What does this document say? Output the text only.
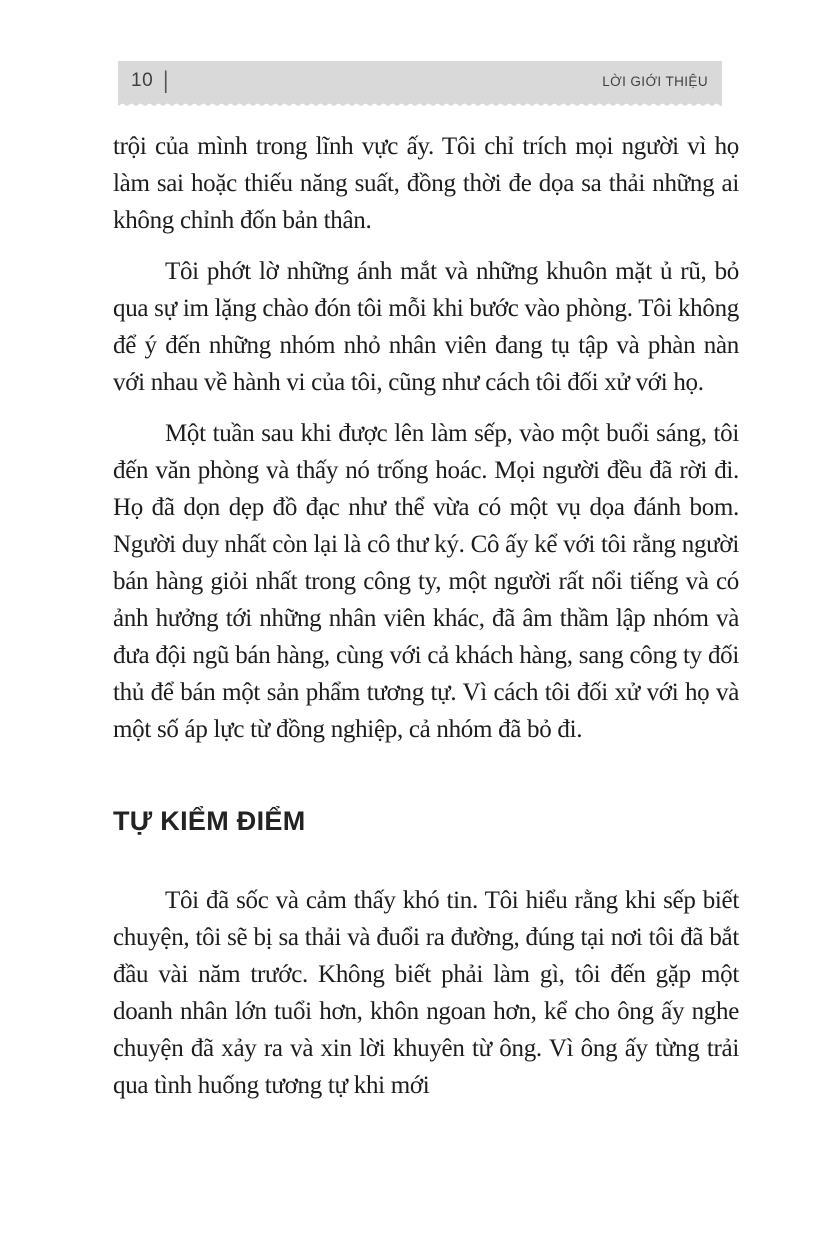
10 |	LỜI GIỚI THIỆU

trội của mình trong lĩnh vực ấy. Tôi chỉ trích mọi người vì họ làm sai hoặc thiếu năng suất, đồng thời đe dọa sa thải những ai không chỉnh đốn bản thân.

Tôi phớt lờ những ánh mắt và những khuôn mặt ủ rũ, bỏ qua sự im lặng chào đón tôi mỗi khi bước vào phòng. Tôi không để ý đến những nhóm nhỏ nhân viên đang tụ tập và phàn nàn với nhau về hành vi của tôi, cũng như cách tôi đối xử với họ.

Một tuần sau khi được lên làm sếp, vào một buổi sáng, tôi đến văn phòng và thấy nó trống hoác. Mọi người đều đã rời đi. Họ đã dọn dẹp đồ đạc như thể vừa có một vụ dọa đánh bom. Người duy nhất còn lại là cô thư ký. Cô ấy kể với tôi rằng người bán hàng giỏi nhất trong công ty, một người rất nổi tiếng và có ảnh hưởng tới những nhân viên khác, đã âm thầm lập nhóm và đưa đội ngũ bán hàng, cùng với cả khách hàng, sang công ty đối thủ để bán một sản phẩm tương tự. Vì cách tôi đối xử với họ và một số áp lực từ đồng nghiệp, cả nhóm đã bỏ đi.

TỰ KIỂM ĐIỂM

Tôi đã sốc và cảm thấy khó tin. Tôi hiểu rằng khi sếp biết chuyện, tôi sẽ bị sa thải và đuổi ra đường, đúng tại nơi tôi đã bắt đầu vài năm trước. Không biết phải làm gì, tôi đến gặp một doanh nhân lớn tuổi hơn, khôn ngoan hơn, kể cho ông ấy nghe chuyện đã xảy ra và xin lời khuyên từ ông. Vì ông ấy từng trải qua tình huống tương tự khi mới
